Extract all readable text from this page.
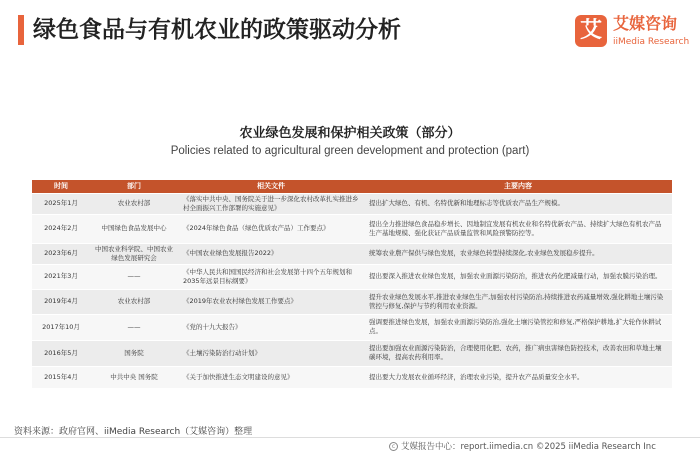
绿色食品与有机农业的政策驱动分析	艾 艾媒咨询
iiMedia Research
农业绿色发展和保护相关政策（部分）
Policies related to agricultural green development and protection (part)
时间	部门	相关文件	主要内容
2025年1月	农业农村部	《落实中共中央、国务院关于进一步深化农村改革扎实推进乡村全面振兴工作部署的实施意见》	提出扩大绿色、有机、名特优新和地理标志等优质农产品生产规模。
2024年2月	中国绿色食品发展中心	《2024年绿色食品（绿色优质农产品）工作要点》	提出全力推进绿色食品稳步增长、因地制宜发展有机农业和名特优新农产品、持续扩大绿色有机农产品生产基地规模、强化获证产品质量监管和风险预警防控等。
2023年6月	中国农业科学院、中国农业绿色发展研究会	《中国农业绿色发展报告2022》	统筹农业農产保供与绿色发展，农业绿色转型持续深化,农业绿色发展稳步提升。
2021年3月	——	《中华人民共和国国民经济和社会发展第十四个五年规划和2035年远景目标纲要》	提出要深入推进农业绿色发展，加强农业面源污染防治，推进农药化肥减量行动，加强农膜污染治理。
2019年4月	农业农村部	《2019年农业农村绿色发展工作要点》	提升农业绿色发展水平,推进农业绿色生产,加强农村污染防治,持续推进农药减量增效,强化耕地土壤污染管控与修复,保护与节约利用农业资源。
2017年10月	——	《党的十九大报告》	强调要推进绿色发展，加强农业面源污染防治,强化土壤污染管控和修复,严格保护耕地,扩大轮作休耕试点。
2016年5月	国务院	《土壤污染防治行动计划》	提出要加强农业面源污染防治，合理使用化肥、农药，推广病虫害绿色防控技术，改善农田和草地土壤碳环境，提高农药利用率。
2015年4月	中共中央 国务院	《关于加快推进生态文明建设的意见》	提出要大力发展农业循环经济，治理农业污染，提升农产品质量安全水平。
资料来源：政府官网、iiMedia Research（艾媒咨询）整理
c 艾媒报告中心：report.iimedia.cn ©2025 iiMedia Research Inc
